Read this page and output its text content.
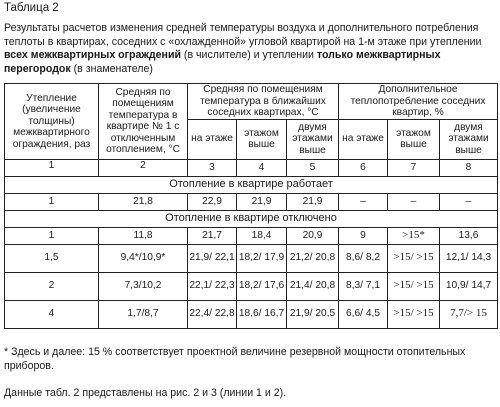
Таблица 2
Результаты расчетов изменения средней температуры воздуха и дополнительного потребления теплоты в квартирах, соседних с «охлажденной» угловой квартирой на 1-м этаже при утеплении всех межквартирных ограждений (в числителе) и утеплении только межквартирных перегородок (в знаменателе)
Утепление (увеличение толщины) межквартирного ограждения, раз	Средняя по помещениям температура в квартире № 1 с отключенным отоплением, °С	Средняя по помещениям температура в ближайших соседних квартирах, °С			Дополнительное теплопотребление соседних квартир, %		
		на этаже	этажом выше	двумя этажами выше	на этаже	этажом выше	двумя этажами выше
1	2	3	4	5	6	7	8
Отопление в квартире работает							
1	21,8	22,9	21,9	21,9	–	–	–
Отопление в квартире отключено							
1	11,8	21,7	18,4	20,9	9	>15*	13,6
1,5	9,4*/10,9*	21,9/ 22,1	18,2/ 17,9	21,2/ 20,8	8,6/ 8,2	>15/ >15	12,1/ 14,3
2	7,3/10,2	22,1/ 22,3	18,2/ 17,6	21,4/ 20,8	8,3/ 7,1	>15/ >15	10,9/ 14,7
4	1,7/8,7	22,4/ 22,8	18,6/ 16,7	21,9/ 20,5	6,6/ 4,5	>15/ >15	7,7/> 15
* Здесь и далее: 15 % соответствует проектной величине резервной мощности отопительных приборов.
Данные табл. 2 представлены на рис. 2 и 3 (линии 1 и 2).
